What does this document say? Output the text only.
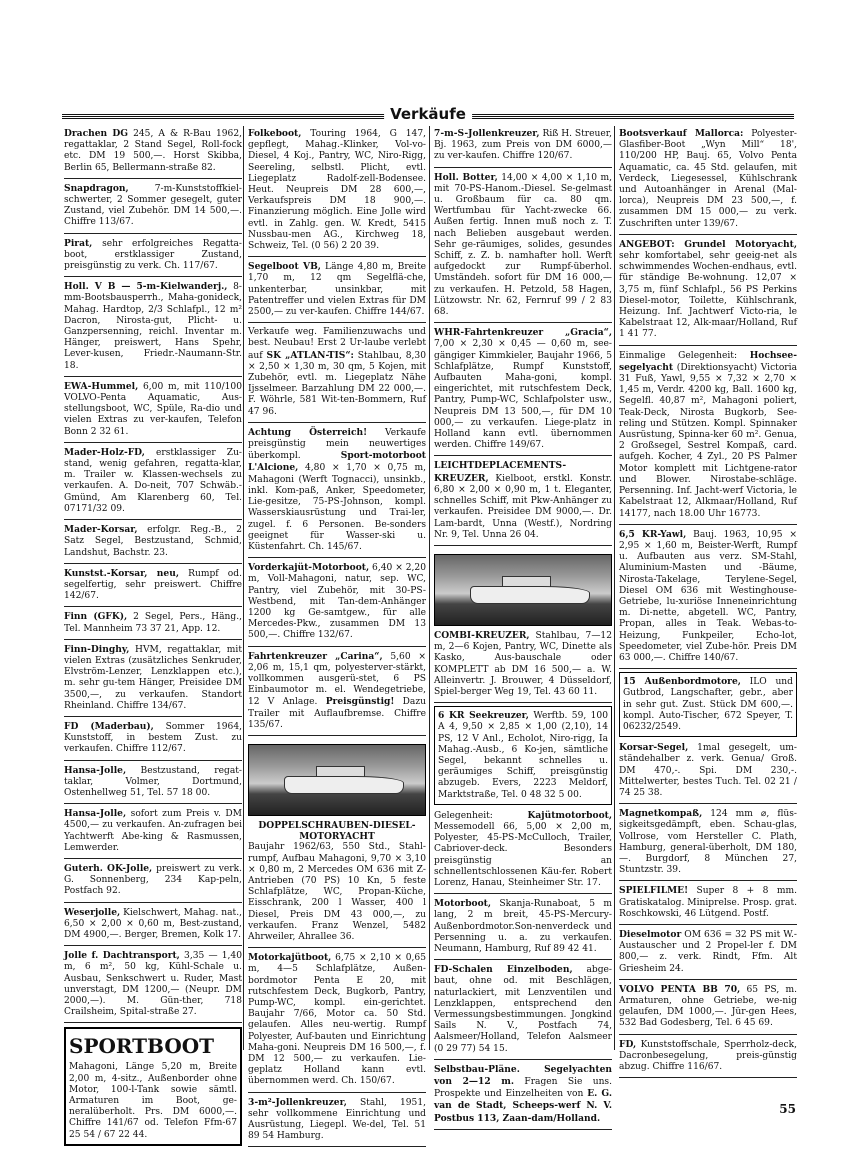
Verkäufe
Drachen DG 245, A & R-Bau 1962, regattaklar, 2 Stand Segel, Roll-fock etc. DM 19 500,—. Horst Skibba, Berlin 65, Bellermann-straße 82.
Snapdragon, 7-m-Kunststoffkiel-schwerter, 2 Sommer gesegelt, guter Zustand, viel Zubehör. DM 14 500,—. Chiffre 113/67.
Pirat, sehr erfolgreiches Regatta-boot, erstklassiger Zustand, preisgünstig zu verk. Ch. 117/67.
Holl. V B — 5-m-Kielwanderj., 8-mm-Bootsbausperrh., Maha-gonideck, Mahag. Hardtop, 2/3 Schlafpl., 12 m² Dacron, Nirosta-gut, Plicht- u. Ganzpersenning, reichl. Inventar m. Hänger, preiswert, Hans Spehr, Lever-kusen, Friedr.-Naumann-Str. 18.
EWA-Hummel, 6,00 m, mit 110/100 VOLVO-Penta Aquamatic, Aus-stellungsboot, WC, Spüle, Ra-dio und vielen Extras zu ver-kaufen, Telefon Bonn 2 32 61.
Mader-Holz-FD, erstklassiger Zu-stand, wenig gefahren, regatta-klar, m. Trailer w. Klassen-wechsels zu verkaufen. A. Do-neit, 707 Schwäb.-Gmünd, Am Klarenberg 60, Tel. 07171/32 09.
Mader-Korsar, erfolgr. Reg.-B., 2 Satz Segel, Bestzustand, Schmid, Landshut, Bachstr. 23.
Kunstst.-Korsar, neu, Rumpf od. segelfertig, sehr preiswert. Chiffre 142/67.
Finn (GFK), 2 Segel, Pers., Häng., Tel. Mannheim 73 37 21, App. 12.
Finn-Dinghy, HVM, regattaklar, mit vielen Extras (zusätzliches Senkruder, Elvström-Lenzer, Lenzklappen etc.), m. sehr gu-tem Hänger, Preisidee DM 3500,—, zu verkaufen. Standort Rheinland. Chiffre 134/67.
FD (Maderbau), Sommer 1964, Kunststoff, in bestem Zust. zu verkaufen. Chiffre 112/67.
Hansa-Jolle, Bestzustand, regat-taklar, Volmer, Dortmund, Ostenhellweg 51, Tel. 57 18 00.
Hansa-Jolle, sofort zum Preis v. DM 4500,— zu verkaufen. An-zufragen bei Yachtwerft Abe-king & Rasmussen, Lemwerder.
Guterh. OK-Jolle, preiswert zu verk. G. Sonnenberg, 234 Kap-peln, Postfach 92.
Weserjolle, Kielschwert, Mahag. nat., 6,50 × 2,00 × 0,60 m, Best-zustand, DM 4900,—. Berger, Bremen, Kolk 17.
Jolle f. Dachtransport, 3,35 — 1,40 m, 6 m², 50 kg, Kühl-Schale u. Ausbau, Senkschwert u. Ruder, Mast unverstagt, DM 1200,— (Neupr. DM 2000,—). M. Gün-ther, 718 Crailsheim, Spital-straße 27.
SPORTBOOT
Mahagoni, Länge 5,20 m, Breite 2,00 m, 4-sitz., Außenborder ohne Motor, 100-l-Tank sowie sämtl. Armaturen im Boot, ge-neralüberholt. Prs. DM 6000,—. Chiffre 141/67 od. Telefon Ffm-67 25 54 / 67 22 44.
Folkeboot, Touring 1964, G 147, gepflegt, Mahag.-Klinker, Vol-vo-Diesel, 4 Koj., Pantry, WC, Niro-Rigg, Seereling, selbstl. Plicht, evtl. Liegeplatz Radolf-zell-Bodensee. Heut. Neupreis DM 28 600,—, Verkaufspreis DM 18 900,—. Finanzierung möglich. Eine Jolle wird evtl. in Zahlg. gen. W. Kredt, 5415 Nussbau-men AG., Kirchweg 18, Schweiz, Tel. (0 56) 2 20 39.
Segelboot VB, Länge 4,80 m, Breite 1,70 m, 12 qm Segelflä-che, unkenterbar, unsinkbar, mit Patentreffer und vielen Extras für DM 2500,— zu ver-kaufen. Chiffre 144/67.
Verkaufe weg. Familienzuwachs und best. Neubau! Erst 2 Ur-laube verlebt auf SK „ATLAN-TIS“: Stahlbau, 8,30 × 2,50 × 1,30 m, 30 qm, 5 Kojen, mit Zubehör, evtl. m. Liegeplatz Nähe Ijsselmeer. Barzahlung DM 22 000,—. F. Wöhrle, 581 Wit-ten-Bommern, Ruf 47 96.
Achtung Österreich! Verkaufe preisgünstig mein neuwertiges überkompl. Sport-motorboot L'Alcione, 4,80 × 1,70 × 0,75 m, Mahagoni (Werft Tognacci), unsinkb., inkl. Kom-paß, Anker, Speedometer, Lie-gesitze, 75-PS-Johnson, kompl. Wasserskiausrüstung und Trai-ler, zugel. f. 6 Personen. Be-sonders geeignet für Wasser-ski u. Küstenfahrt. Ch. 145/67.
Vorderkajüt-Motorboot, 6,40 × 2,20 m, Voll-Mahagoni, natur, sep. WC, Pantry, viel Zubehör, mit 30-PS-Westbend, mit Tan-dem-Anhänger 1200 kg Ge-samtgew., für alle Mercedes-Pkw., zusammen DM 13 500,—. Chiffre 132/67.
Fahrtenkreuzer „Carina“, 5,60 × 2,06 m, 15,1 qm, polyesterver-stärkt, vollkommen ausgerü-stet, 6 PS Einbaumotor m. el. Wendegetriebe, 12 V Anlage. Preisgünstig! Dazu Trailer mit Auflaufbremse. Chiffre 135/67.
DOPPELSCHRAUBEN-DIESEL-MOTORYACHT
Baujahr 1962/63, 550 Std., Stahl-rumpf, Aufbau Mahagoni, 9,70 × 3,10 × 0,80 m, 2 Mercedes OM 636 mit Z-Antrieben (70 PS) 10 Kn, 5 feste Schlafplätze, WC, Propan-Küche, Eisschrank, 200 l Wasser, 400 l Diesel, Preis DM 43 000,—, zu verkaufen. Franz Wenzel, 5482 Ahrweiler, Ahrallee 36.
Motorkajütboot, 6,75 × 2,10 × 0,65 m, 4—5 Schlafplätze, Außen-bordmotor Penta E 20, mit rutschfestem Deck, Bugkorb, Pantry, Pump-WC, kompl. ein-gerichtet. Baujahr 7/66, Motor ca. 50 Std. gelaufen. Alles neu-wertig. Rumpf Polyester, Auf-bauten und Einrichtung Maha-goni. Neupreis DM 16 500,—, f. DM 12 500,— zu verkaufen. Lie-geplatz Holland kann evtl. übernommen werd. Ch. 150/67.
3-m²-Jollenkreuzer, Stahl, 1951, sehr vollkommene Einrichtung und Ausrüstung, Liegepl. We-del, Tel. 51 89 54 Hamburg.
7-m-S-Jollenkreuzer, Riß H. Streuer, Bj. 1963, zum Preis von DM 6000,— zu ver-kaufen. Chiffre 120/67.
Holl. Botter, 14,00 × 4,00 × 1,10 m, mit 70-PS-Hanom.-Diesel. Se-gelmast u. Großbaum für ca. 80 qm. Wertfumbau für Yacht-zwecke 66. Außen fertig. Innen muß noch z. T. nach Belieben ausgebaut werden. Sehr ge-räumiges, solides, gesundes Schiff, z. Z. b. namhafter holl. Werft aufgedockt zur Rumpf-überhol. Umständeh. sofort für DM 16 000,— zu verkaufen. H. Petzold, 58 Hagen, Lützowstr. Nr. 62, Fernruf 99 / 2 83 68.
WHR-Fahrtenkreuzer „Gracia“, 7,00 × 2,30 × 0,45 — 0,60 m, see-gängiger Kimmkieler, Baujahr 1966, 5 Schlafplätze, Rumpf Kunststoff, Aufbauten Maha-goni, kompl. eingerichtet, mit rutschfestem Deck, Pantry, Pump-WC, Schlafpolster usw., Neupreis DM 13 500,—, für DM 10 000,— zu verkaufen. Liege-platz in Holland kann evtl. übernommen werden. Chiffre 149/67.
LEICHTDEPLACEMENTS-KREUZER, Kielboot, erstkl. Konstr. 6,80 × 2,00 × 0,90 m, 1 t. Eleganter, schnelles Schiff, mit Pkw-Anhänger zu verkaufen. Preisidee DM 9000,—. Dr. Lam-bardt, Unna (Westf.), Nordring Nr. 9, Tel. Unna 26 04.
COMBI-KREUZER, Stahlbau, 7—12 m, 2—6 Kojen, Pantry, WC, Dinette als Kasko, Aus-bauschale oder KOMPLETT ab DM 16 500,— a. W. Alleinvertr. J. Brouwer, 4 Düsseldorf, Spiel-berger Weg 19, Tel. 43 60 11.
6 KR Seekreuzer, Werftb. 59, 100 A 4, 9,50 × 2,85 × 1,00 (2,10), 14 PS, 12 V Anl., Echolot, Niro-rigg, Ia Mahag.-Ausb., 6 Ko-jen, sämtliche Segel, bekannt schnelles u. geräumiges Schiff, preisgünstig abzugeb. Evers, 2223 Meldorf, Marktstraße, Tel. 0 48 32 5 00.
Gelegenheit: Kajütmotorboot, Messemodell 66, 5,00 × 2,00 m, Polyester, 45-PS-McCulloch, Trailer, Cabriover-deck. Besonders preisgünstig an schnellentschlossenen Käu-fer. Robert Lorenz, Hanau, Steinheimer Str. 17.
Motorboot, Skanja-Runaboat, 5 m lang, 2 m breit, 45-PS-Mercury-Außenbordmotor.Son-nenverdeck und Persenning u. a. zu verkaufen. Neumann, Hamburg, Ruf 89 42 41.
FD-Schalen Einzelboden, abge-baut, ohne od. mit Beschlägen, naturlackiert, mit Lenzventilen und Lenzklappen, entsprechend den Vermessungsbestimmungen. Jongkind Sails N. V., Postfach 74, Aalsmeer/Holland, Telefon Aalsmeer (0 29 77) 54 15.
Selbstbau-Pläne. Segelyachten von 2—12 m. Fragen Sie uns. Prospekte und Einzelheiten von E. G. van de Stadt, Scheeps-werf N. V. Postbus 113, Zaan-dam/Holland.
Bootsverkauf Mallorca: Polyester-Glasfiber-Boot „Wyn Mill“ 18', 110/200 HP, Bauj. 65, Volvo Penta Aquamatic, ca. 45 Std. gelaufen, mit Verdeck, Liegesessel, Kühlschrank und Autoanhänger in Arenal (Mal-lorca), Neupreis DM 23 500,—, f. zusammen DM 15 000,— zu verk. Zuschriften unter 139/67.
ANGEBOT: Grundel Motoryacht, sehr komfortabel, sehr geeig-net als schwimmendes Wochen-endhaus, evtl. für ständige Be-wohnung. 12,07 × 3,75 m, fünf Schlafpl., 56 PS Perkins Diesel-motor, Toilette, Kühlschrank, Heizung. Inf. Jachtwerf Victo-ria, le Kabelstraat 12, Alk-maar/Holland, Ruf 1 41 77.
Einmalige Gelegenheit: Hochsee-segelyacht (Direktionsyacht) Victoria 31 Fuß, Yawl, 9,55 × 7,32 × 2,70 × 1,45 m, Verdr. 4200 kg, Ball. 1600 kg, Segelfl. 40,87 m², Mahagoni poliert, Teak-Deck, Nirosta Bugkorb, See-reling und Stützen. Kompl. Spinnaker Ausrüstung, Spinna-ker 60 m². Genua, 2 Großsegel, Sestrel Kompaß, card. aufgeh. Kocher, 4 Zyl., 20 PS Palmer Motor komplett mit Lichtgene-rator und Blower. Nirostabe-schläge. Persenning. Inf. Jacht-werf Victoria, le Kabelstraat 12, Alkmaar/Holland, Ruf 14177, nach 18.00 Uhr 16773.
6,5 KR-Yawl, Bauj. 1963, 10,95 × 2,95 × 1,60 m, Beister-Werft, Rumpf u. Aufbauten aus verz. SM-Stahl, Aluminium-Masten und -Bäume, Nirosta-Takelage, Terylene-Segel, Diesel OM 636 mit Westinghouse-Getriebe, lu-xuriöse Inneneinrichtung m. Di-nette, abgetell. WC, Pantry, Propan, alles in Teak. Webas-to-Heizung, Funkpeiler, Echo-lot, Speedometer, viel Zube-hör. Preis DM 63 000,—. Chiffre 140/67.
15 Außenbordmotore, ILO und Gutbrod, Langschafter, gebr., aber in sehr gut. Zust. Stück DM 600,—. kompl. Auto-Tischer, 672 Speyer, T. 06232/2549.
Korsar-Segel, 1mal gesegelt, um-ständehalber z. verk. Genua/ Groß. DM 470,-. Spi. DM 230,-. Mittelwerter, bestes Tuch. Tel. 02 21 / 74 25 38.
Magnetkompaß, 124 mm ⌀, flüs-sigkeitsgedämpft, eben. Schau-glas, Vollrose, vom Hersteller C. Plath, Hamburg, general-überholt, DM 180,—. Burgdorf, 8 München 27, Stuntzstr. 39.
SPIELFILME! Super 8 + 8 mm. Gratiskatalog. Miniprelse. Prosp. grat. Roschkowski, 46 Lütgend. Postf.
Dieselmotor OM 636 = 32 PS mit W.-Austauscher und 2 Propel-ler f. DM 800,— z. verk. Rindt, Ffm. Alt Griesheim 24.
VOLVO PENTA BB 70, 65 PS, m. Armaturen, ohne Getriebe, we-nig gelaufen, DM 1000,—. Jür-gen Hees, 532 Bad Godesberg, Tel. 6 45 69.
FD, Kunststoffschale, Sperrholz-deck, Dacronbesegelung, preis-günstig abzug. Chiffre 116/67.
55
